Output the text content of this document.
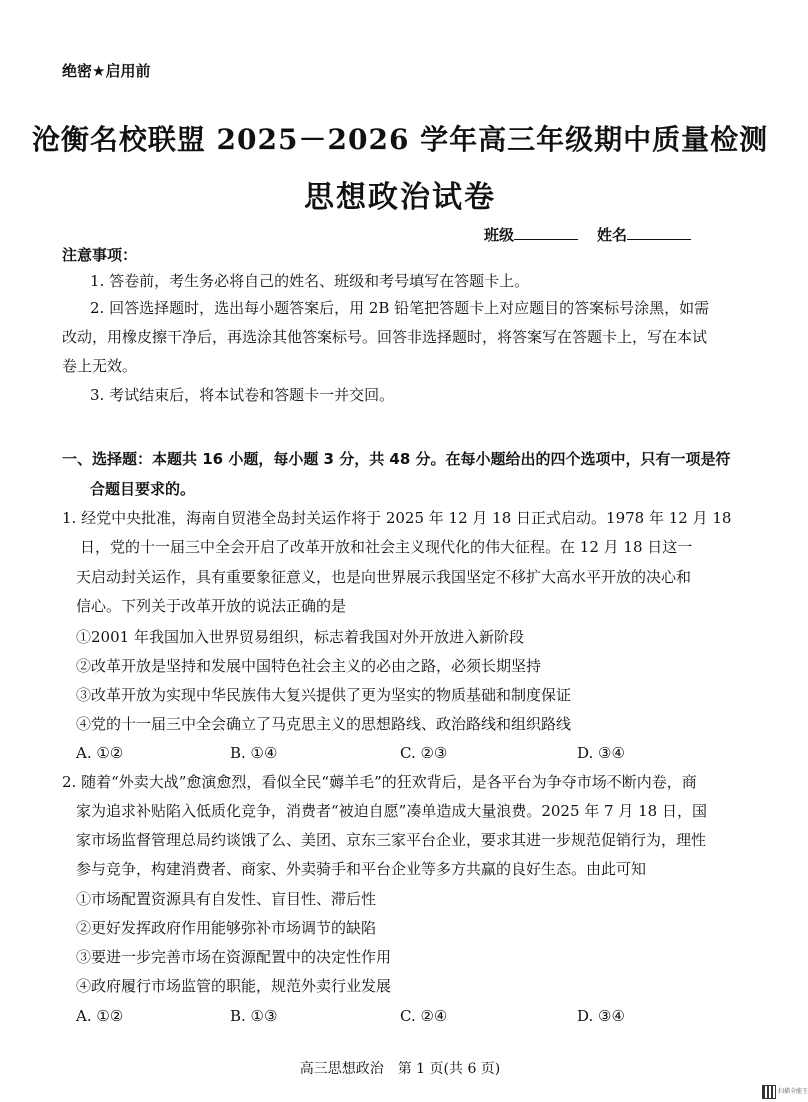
绝密★启用前
沧衡名校联盟 2025－2026 学年高三年级期中质量检测
思想政治试卷
班级	姓名
注意事项：
1. 答卷前，考生务必将自己的姓名、班级和考号填写在答题卡上。
2. 回答选择题时，选出每小题答案后，用 2B 铅笔把答题卡上对应题目的答案标号涂黑，如需
改动，用橡皮擦干净后，再选涂其他答案标号。回答非选择题时，将答案写在答题卡上，写在本试
卷上无效。
3. 考试结束后，将本试卷和答题卡一并交回。
一、选择题：本题共 16 小题，每小题 3 分，共 48 分。在每小题给出的四个选项中，只有一项是符
合题目要求的。
1. 经党中央批准，海南自贸港全岛封关运作将于 2025 年 12 月 18 日正式启动。1978 年 12 月 18
日，党的十一届三中全会开启了改革开放和社会主义现代化的伟大征程。在 12 月 18 日这一
天启动封关运作，具有重要象征意义，也是向世界展示我国坚定不移扩大高水平开放的决心和
信心。下列关于改革开放的说法正确的是
①2001 年我国加入世界贸易组织，标志着我国对外开放进入新阶段
②改革开放是坚持和发展中国特色社会主义的必由之路，必须长期坚持
③改革开放为实现中华民族伟大复兴提供了更为坚实的物质基础和制度保证
④党的十一届三中全会确立了马克思主义的思想路线、政治路线和组织路线
A. ①②	B. ①④	C. ②③	D. ③④
2. 随着“外卖大战”愈演愈烈，看似全民“薅羊毛”的狂欢背后，是各平台为争夺市场不断内卷，商
家为追求补贴陷入低质化竞争，消费者“被迫自愿”凑单造成大量浪费。2025 年 7 月 18 日，国
家市场监督管理总局约谈饿了么、美团、京东三家平台企业，要求其进一步规范促销行为，理性
参与竞争，构建消费者、商家、外卖骑手和平台企业等多方共赢的良好生态。由此可知
①市场配置资源具有自发性、盲目性、滞后性
②更好发挥政府作用能够弥补市场调节的缺陷
③要进一步完善市场在资源配置中的决定性作用
④政府履行市场监管的职能，规范外卖行业发展
A. ①②	B. ①③	C. ②④	D. ③④
高三思想政治　第 1 页(共 6 页)
扫描全能王
